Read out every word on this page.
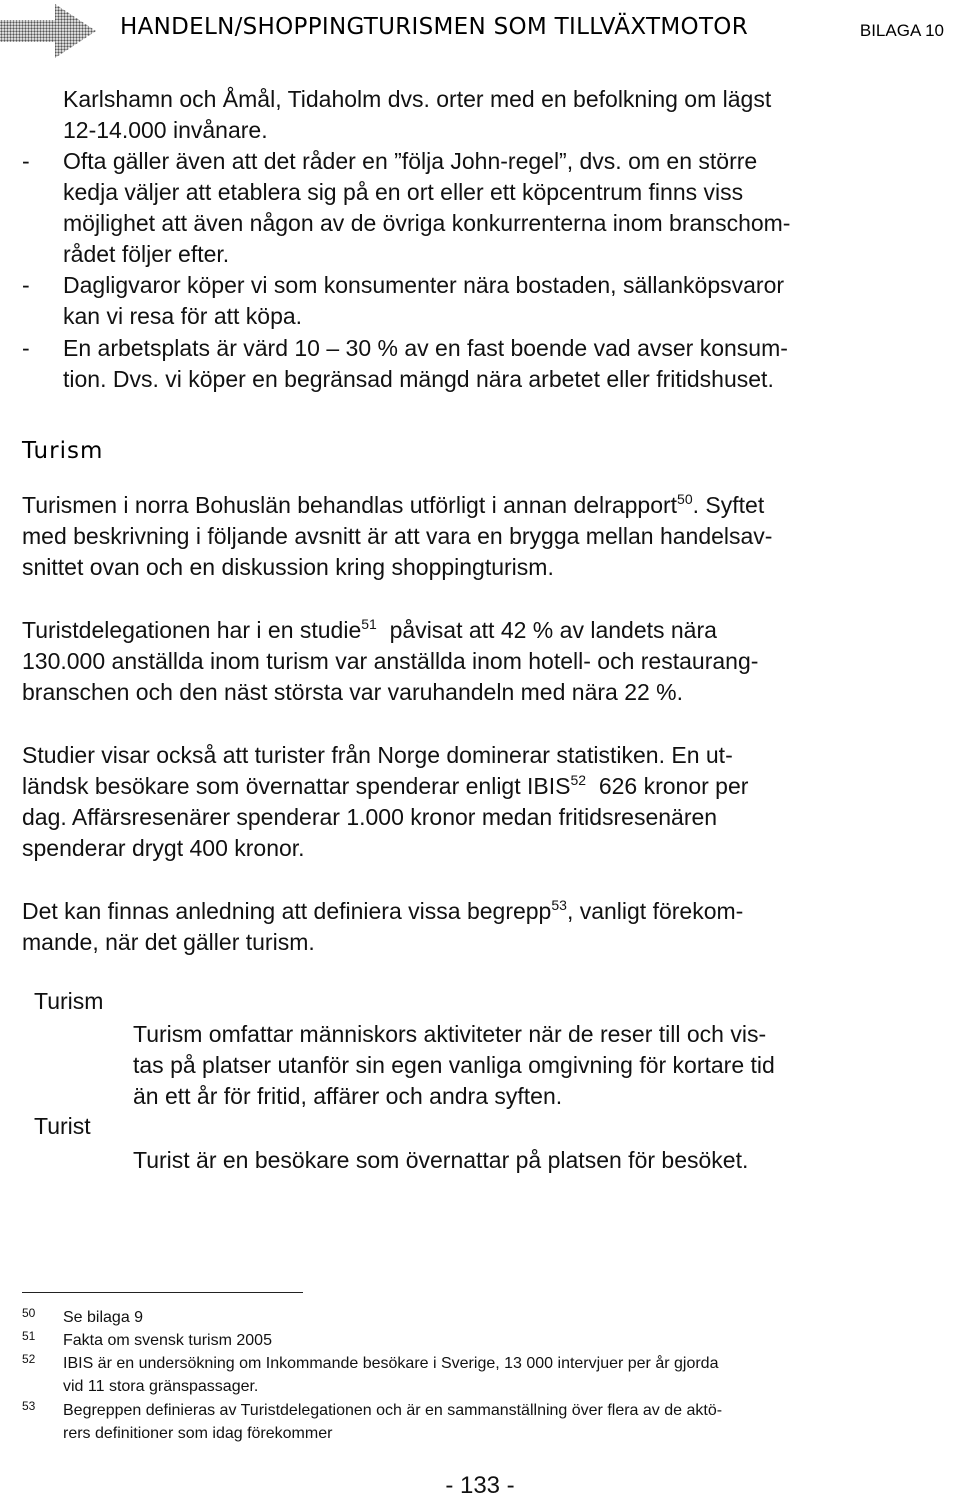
HANDELN/SHOPPINGTURISMEN SOM TILLVÄXTMOTOR	BILAGA 10
Karlshamn och Åmål, Tidaholm dvs. orter med en befolkning om lägst
12-14.000 invånare.
- Ofta gäller även att det råder en ”följa John-regel”, dvs. om en större
kedja väljer att etablera sig på en ort eller ett köpcentrum finns viss
möjlighet att även någon av de övriga konkurrenterna inom branschom-
rådet följer efter.
- Dagligvaror köper vi som konsumenter nära bostaden, sällanköpsvaror
kan vi resa för att köpa.
- En arbetsplats är värd 10 – 30 % av en fast boende vad avser konsum-
tion. Dvs. vi köper en begränsad mängd nära arbetet eller fritidshuset.
Turism
Turismen i norra Bohuslän behandlas utförligt i annan delrapport$^{50}$. Syftet
med beskrivning i följande avsnitt är att vara en brygga mellan handelsav-
snittet ovan och en diskussion kring shoppingturism.
Turistdelegationen har i en studie$^{51}$  påvisat att 42 % av landets nära
130.000 anställda inom turism var anställda inom hotell- och restaurang-
branschen och den näst största var varuhandeln med nära 22 %.
Studier visar också att turister från Norge dominerar statistiken. En ut-
ländsk besökare som övernattar spenderar enligt IBIS$^{52}$  626 kronor per
dag. Affärsresenärer spenderar 1.000 kronor medan fritidsresenären
spenderar drygt 400 kronor.
Det kan finnas anledning att definiera vissa begrepp$^{53}$, vanligt förekom-
mande, när det gäller turism.
Turism
Turism omfattar människors aktiviteter när de reser till och vis-
tas på platser utanför sin egen vanliga omgivning för kortare tid
än ett år för fritid, affärer och andra syften.
Turist
Turist är en besökare som övernattar på platsen för besöket.
50 Se bilaga 9
51 Fakta om svensk turism 2005
52 IBIS är en undersökning om Inkommande besökare i Sverige, 13 000 intervjuer per år gjorda
vid 11 stora gränspassager.
53 Begreppen definieras av Turistdelegationen och är en sammanställning över flera av de aktö-
rers definitioner som idag förekommer
- 133 -
